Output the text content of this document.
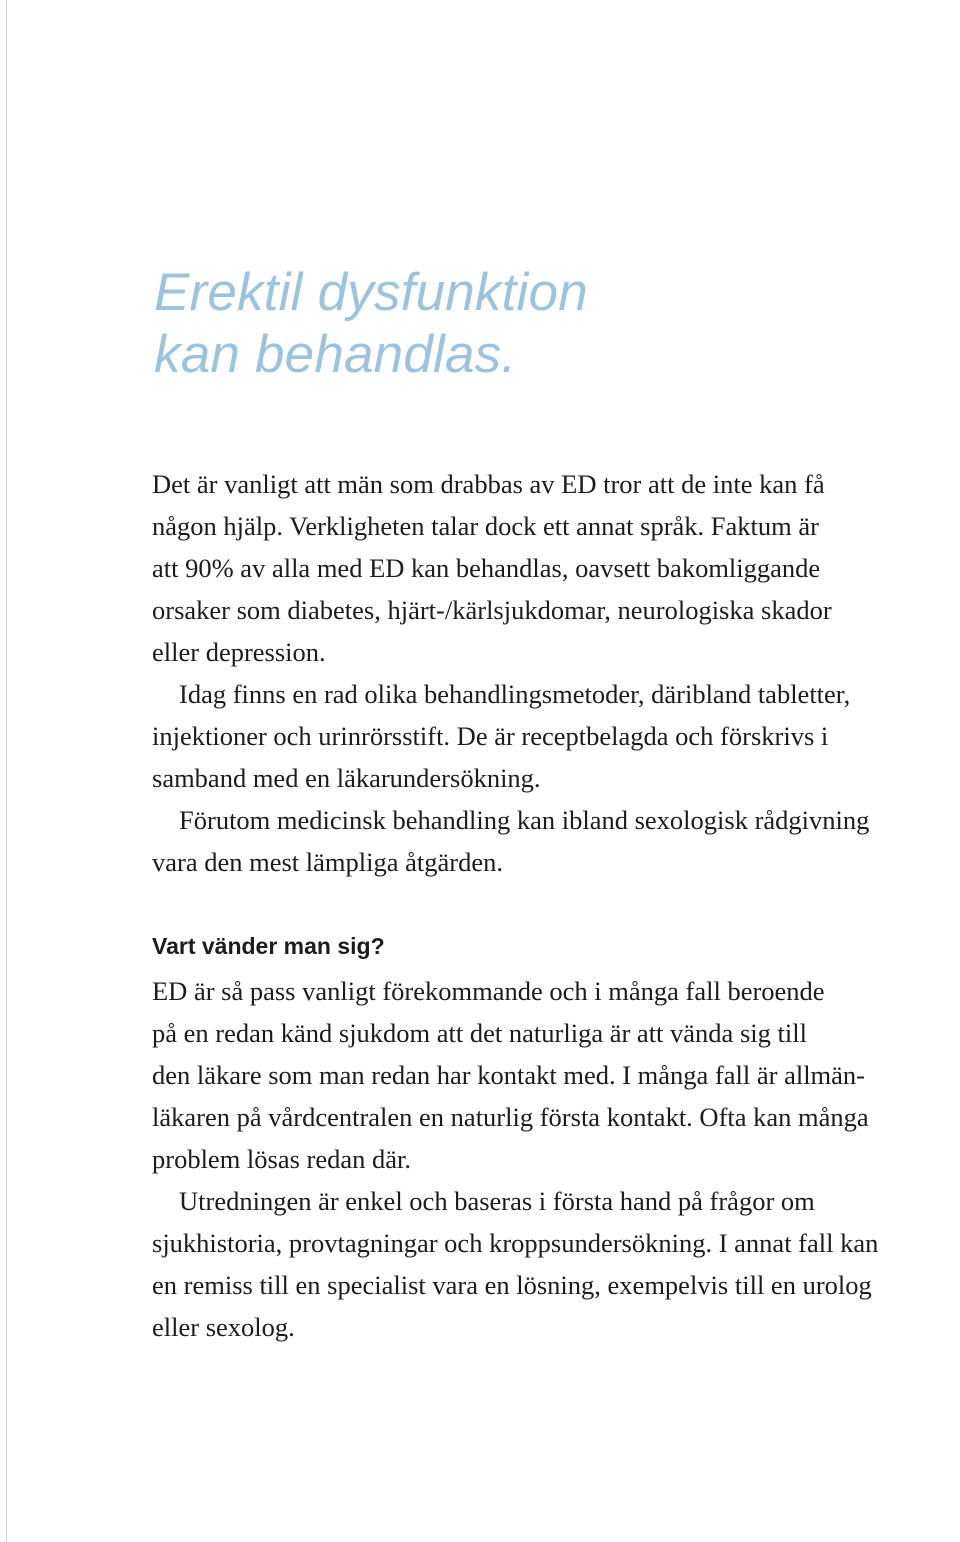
Erektil dysfunktion
kan behandlas.
Det är vanligt att män som drabbas av ED tror att de inte kan få
någon hjälp. Verkligheten talar dock ett annat språk. Faktum är
att 90% av alla med ED kan behandlas, oavsett bakomliggande
orsaker som diabetes, hjärt-/kärlsjukdomar, neurologiska skador
eller depression.
Idag finns en rad olika behandlingsmetoder, däribland tabletter,
injektioner och urinrörsstift. De är receptbelagda och förskrivs i
samband med en läkarundersökning.
Förutom medicinsk behandling kan ibland sexologisk rådgivning
vara den mest lämpliga åtgärden.
Vart vänder man sig?
ED är så pass vanligt förekommande och i många fall beroende
på en redan känd sjukdom att det naturliga är att vända sig till
den läkare som man redan har kontakt med. I många fall är allmän-
läkaren på vårdcentralen en naturlig första kontakt. Ofta kan många
problem lösas redan där.
Utredningen är enkel och baseras i första hand på frågor om
sjukhistoria, provtagningar och kroppsundersökning. I annat fall kan
en remiss till en specialist vara en lösning, exempelvis till en urolog
eller sexolog.
